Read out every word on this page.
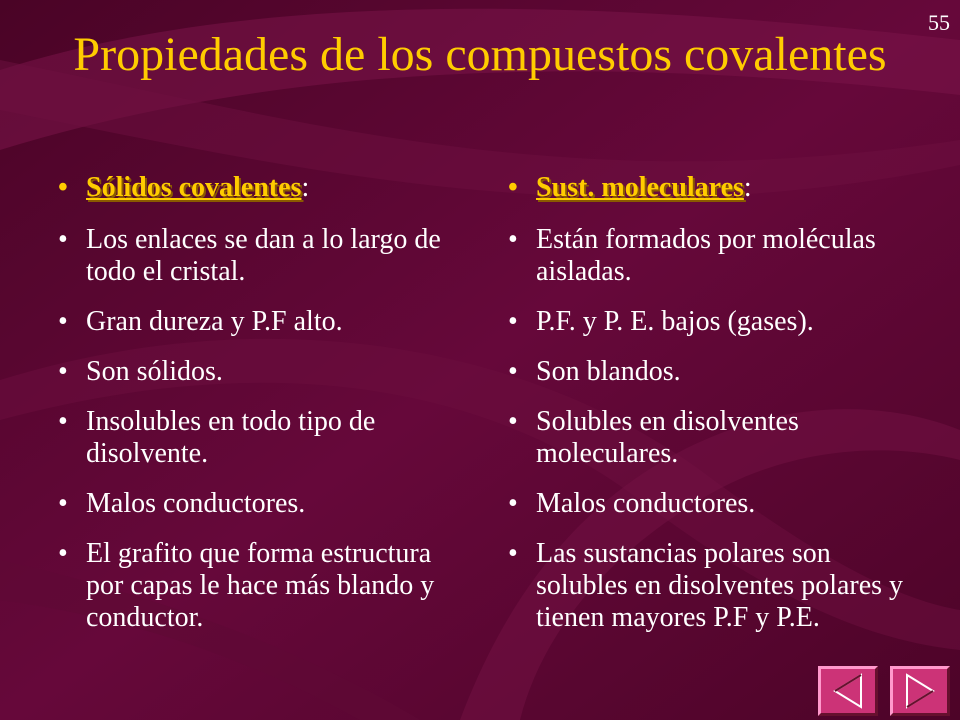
55
Propiedades de los compuestos covalentes
• Sólidos covalentes:
• Los enlaces se dan a lo largo de todo el cristal.
• Gran dureza y P.F alto.
• Son sólidos.
• Insolubles en todo tipo de disolvente.
• Malos conductores.
• El grafito que forma estructura por capas le hace más blando y conductor.
• Sust. moleculares:
• Están formados por moléculas aisladas.
• P.F. y P. E. bajos (gases).
• Son blandos.
• Solubles en disolventes moleculares.
• Malos conductores.
• Las sustancias polares son solubles en disolventes polares y tienen mayores P.F y P.E.
